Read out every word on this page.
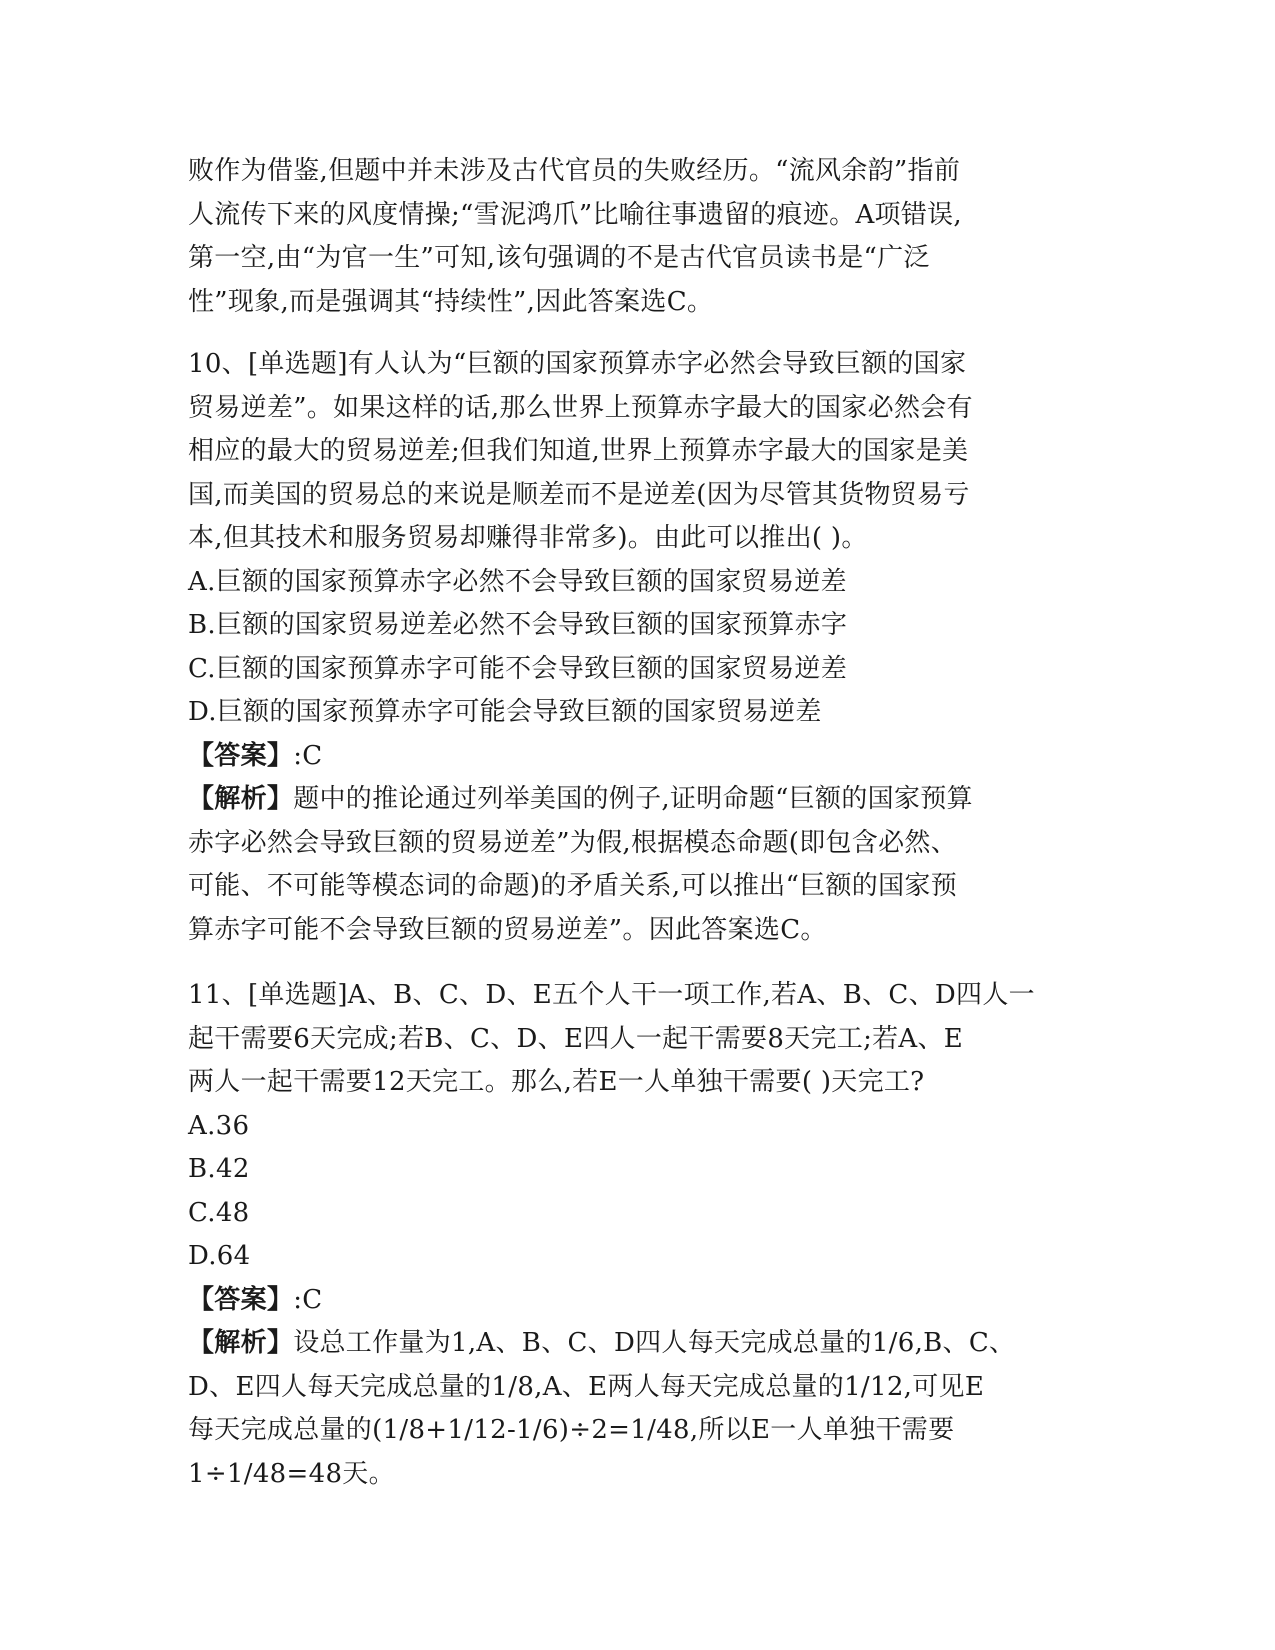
败作为借鉴,但题中并未涉及古代官员的失败经历。“流风余韵”指前
人流传下来的风度情操;“雪泥鸿爪”比喻往事遗留的痕迹。A项错误,
第一空,由“为官一生”可知,该句强调的不是古代官员读书是“广泛
性”现象,而是强调其“持续性”,因此答案选C。
10、[单选题]有人认为“巨额的国家预算赤字必然会导致巨额的国家
贸易逆差”。如果这样的话,那么世界上预算赤字最大的国家必然会有
相应的最大的贸易逆差;但我们知道,世界上预算赤字最大的国家是美
国,而美国的贸易总的来说是顺差而不是逆差(因为尽管其货物贸易亏
本,但其技术和服务贸易却赚得非常多)。由此可以推出( )。
A.巨额的国家预算赤字必然不会导致巨额的国家贸易逆差
B.巨额的国家贸易逆差必然不会导致巨额的国家预算赤字
C.巨额的国家预算赤字可能不会导致巨额的国家贸易逆差
D.巨额的国家预算赤字可能会导致巨额的国家贸易逆差
【答案】:C
【解析】题中的推论通过列举美国的例子,证明命题“巨额的国家预算
赤字必然会导致巨额的贸易逆差”为假,根据模态命题(即包含必然、
可能、不可能等模态词的命题)的矛盾关系,可以推出“巨额的国家预
算赤字可能不会导致巨额的贸易逆差”。因此答案选C。
11、[单选题]A、B、C、D、E五个人干一项工作,若A、B、C、D四人一
起干需要6天完成;若B、C、D、E四人一起干需要8天完工;若A、E
两人一起干需要12天完工。那么,若E一人单独干需要( )天完工?
A.36
B.42
C.48
D.64
【答案】:C
【解析】设总工作量为1,A、B、C、D四人每天完成总量的1/6,B、C、
D、E四人每天完成总量的1/8,A、E两人每天完成总量的1/12,可见E
每天完成总量的(1/8+1/12-1/6)÷2=1/48,所以E一人单独干需要
1÷1/48=48天。
